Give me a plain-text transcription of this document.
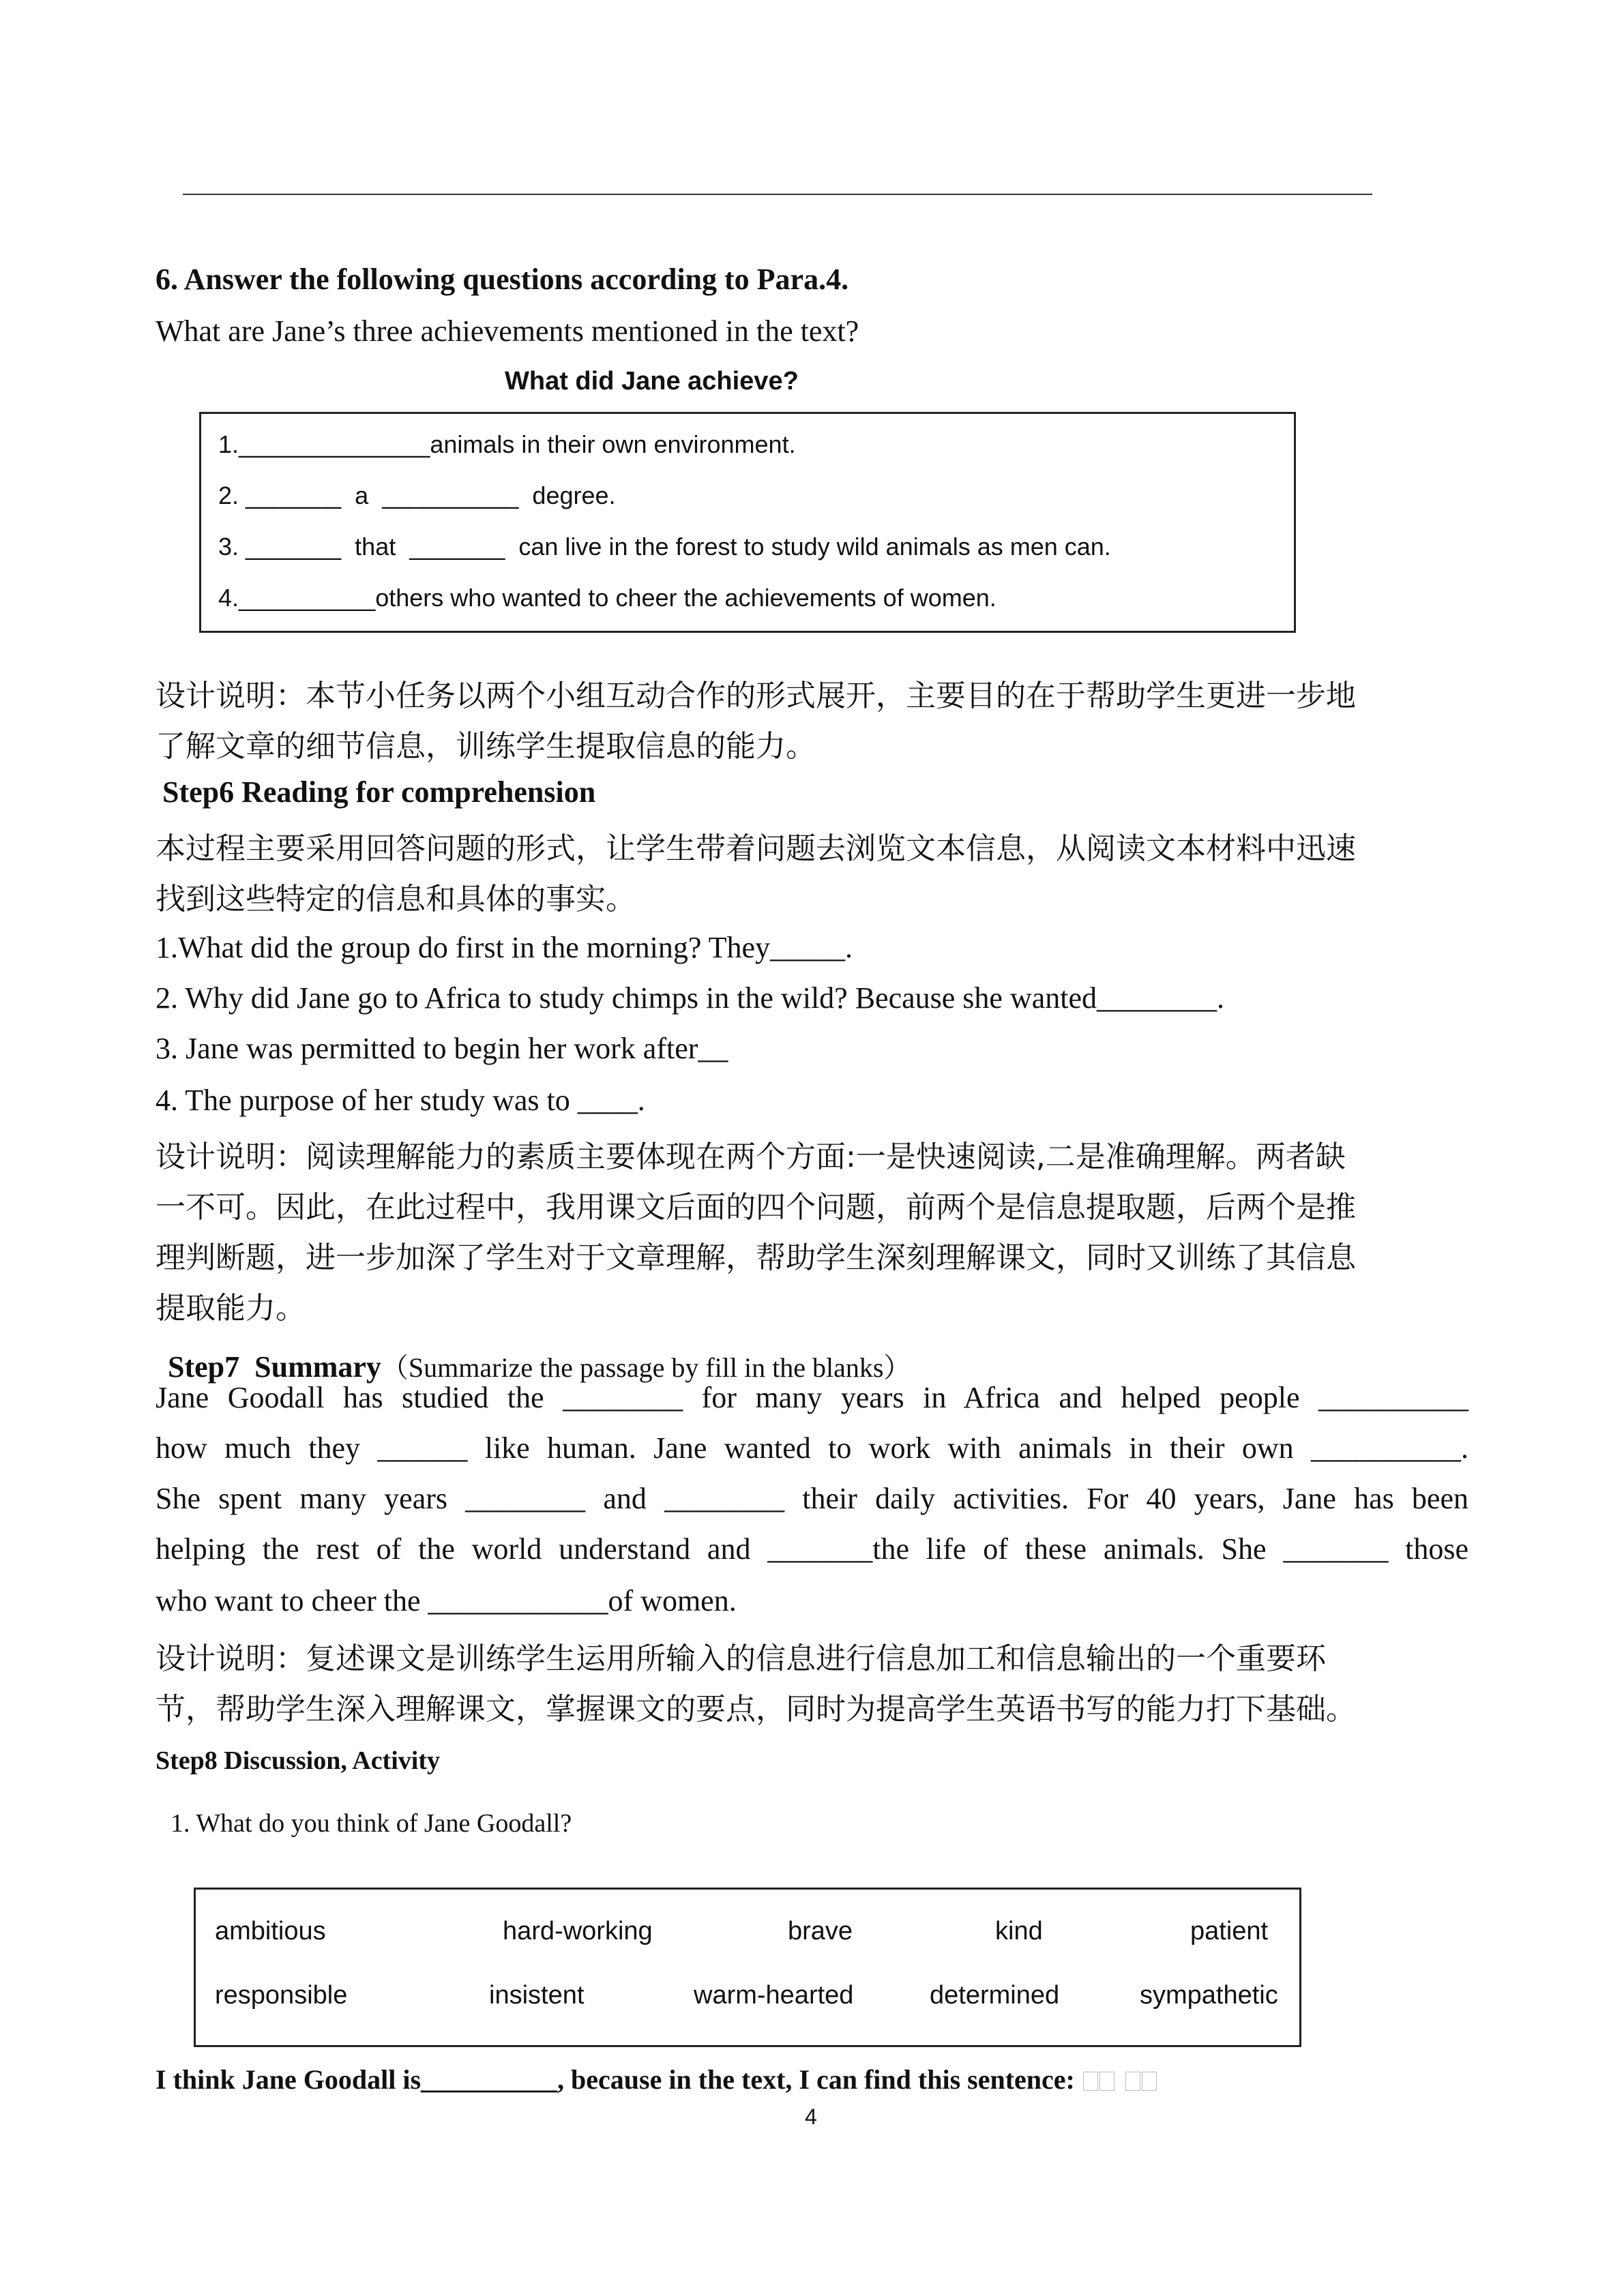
6. Answer the following questions according to Para.4.
What are Jane’s three achievements mentioned in the text?
What did Jane achieve?
1.______________animals in their own environment.
2. _______  a  __________  degree.
3. _______  that  _______  can live in the forest to study wild animals as men can.
4.__________others who wanted to cheer the achievements of women.
设计说明：本节小任务以两个小组互动合作的形式展开，主要目的在于帮助学生更进一步地
了解文章的细节信息，训练学生提取信息的能力。
Step6 Reading for comprehension
本过程主要采用回答问题的形式，让学生带着问题去浏览文本信息，从阅读文本材料中迅速
找到这些特定的信息和具体的事实。
1.What did the group do first in the morning? They_____.
2. Why did Jane go to Africa to study chimps in the wild? Because she wanted________.
3. Jane was permitted to begin her work after__
4. The purpose of her study was to ____.
设计说明：阅读理解能力的素质主要体现在两个方面:一是快速阅读,二是准确理解。两者缺
一不可。因此，在此过程中，我用课文后面的四个问题，前两个是信息提取题，后两个是推
理判断题，进一步加深了学生对于文章理解，帮助学生深刻理解课文，同时又训练了其信息
提取能力。

Step7  Summary（Summarize the passage by fill in the blanks）

Jane Goodall has studied the ________ for many years in Africa and helped people __________
how much they ______ like human. Jane wanted to work with animals in their own __________.
She spent many years ________ and ________ their daily activities. For 40 years, Jane has been
helping the rest of the world understand and _______the life of these animals. She _______ those
who want to cheer the ____________of women.
设计说明：复述课文是训练学生运用所输入的信息进行信息加工和信息输出的一个重要环
节，帮助学生深入理解课文，掌握课文的要点，同时为提高学生英语书写的能力打下基础。
Step8 Discussion, Activity
1. What do you think of Jane Goodall?
ambitious	hard-working	brave	kind	patient
responsible	insistent	warm-hearted	determined	sympathetic
I think Jane Goodall is__________, because in the text, I can find this sentence:
4
